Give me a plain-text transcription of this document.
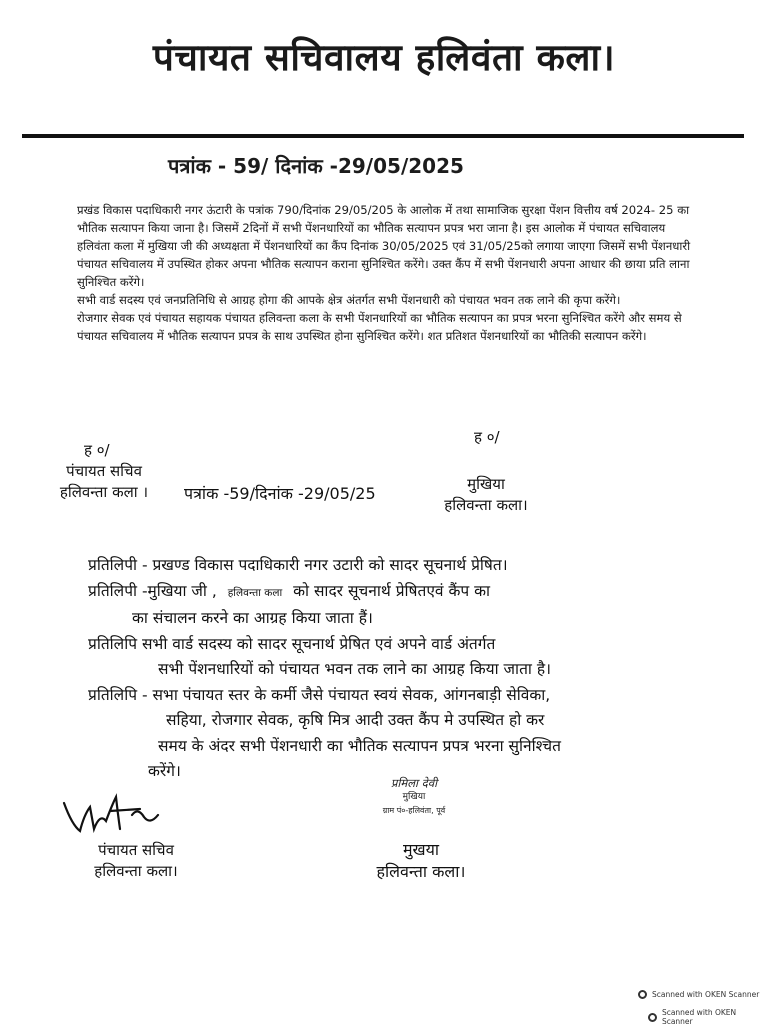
पंचायत सचिवालय हलिवंता कला।
पत्रांक - 59/ दिनांक -29/05/2025

प्रखंड विकास पदाधिकारी नगर ऊंटारी के पत्रांक 790/दिनांक 29/05/205 के आलोक में तथा सामाजिक सुरक्षा पेंशन वित्तीय वर्ष 2024- 25 का भौतिक सत्यापन किया जाना है। जिसमें 2दिनों में सभी पेंशनधारियों का भौतिक सत्यापन प्रपत्र भरा जाना है। इस आलोक में पंचायत सचिवालय हलिवंता कला में मुखिया जी की अध्यक्षता में पेंशनधारियों का कैंप दिनांक 30/05/2025 एवं 31/05/25को लगाया जाएगा जिसमें सभी पेंशनधारी पंचायत सचिवालय में उपस्थित होकर अपना भौतिक सत्यापन कराना सुनिश्चित करेंगे। उक्त कैंप में सभी पेंशनधारी अपना आधार की छाया प्रति लाना सुनिश्चित करेंगे।

सभी वार्ड सदस्य एवं जनप्रतिनिधि से आग्रह होगा की आपके क्षेत्र अंतर्गत सभी पेंशनधारी को पंचायत भवन तक लाने की कृपा करेंगे।

रोजगार सेवक एवं पंचायत सहायक पंचायत हलिवन्ता कला के सभी पेंशनधारियों का भौतिक सत्यापन का प्रपत्र भरना सुनिश्चित करेंगे और समय से पंचायत सचिवालय में भौतिक सत्यापन प्रपत्र के साथ उपस्थित होना सुनिश्चित करेंगे। शत प्रतिशत पेंशनधारियों का भौतिकी सत्यापन करेंगे।

ह ०/
पंचायत सचिव
हलिवन्ता कला ।	पत्रांक -59/दिनांक -29/05/25
ह ०/
मुखिया
हलिवन्ता कला।
प्रतिलिपी - प्रखण्ड विकास पदाधिकारी नगर उटारी को सादर सूचनार्थ प्रेषित।
प्रतिलिपी -मुखिया जी , हलिवन्ता कला को सादर सूचनार्थ प्रेषितएवं कैंप का
का संचालन करने का आग्रह किया जाता हैं।
प्रतिलिपि सभी वार्ड सदस्य को सादर सूचनार्थ प्रेषित एवं अपने वार्ड अंतर्गत
सभी पेंशनधारियों को पंचायत भवन तक लाने का आग्रह किया जाता है।
प्रतिलिपि - सभा पंचायत स्तर के कर्मी जैसे पंचायत स्वयं सेवक, आंगनबाड़ी सेविका,
सहिया, रोजगार सेवक, कृषि मित्र आदी उक्त कैंप मे उपस्थित हो कर
समय के अंदर सभी पेंशनधारी का भौतिक सत्यापन प्रपत्र भरना सुनिश्चित
करेंगे।
प्रमिला देवी
मुखिया
ग्राम पं०-हलिवंता, पूर्व
पंचायत सचिव
हलिवन्ता कला।
मुखया
हलिवन्ता कला।
Scanned with OKEN Scanner
Scanned with OKEN Scanner
